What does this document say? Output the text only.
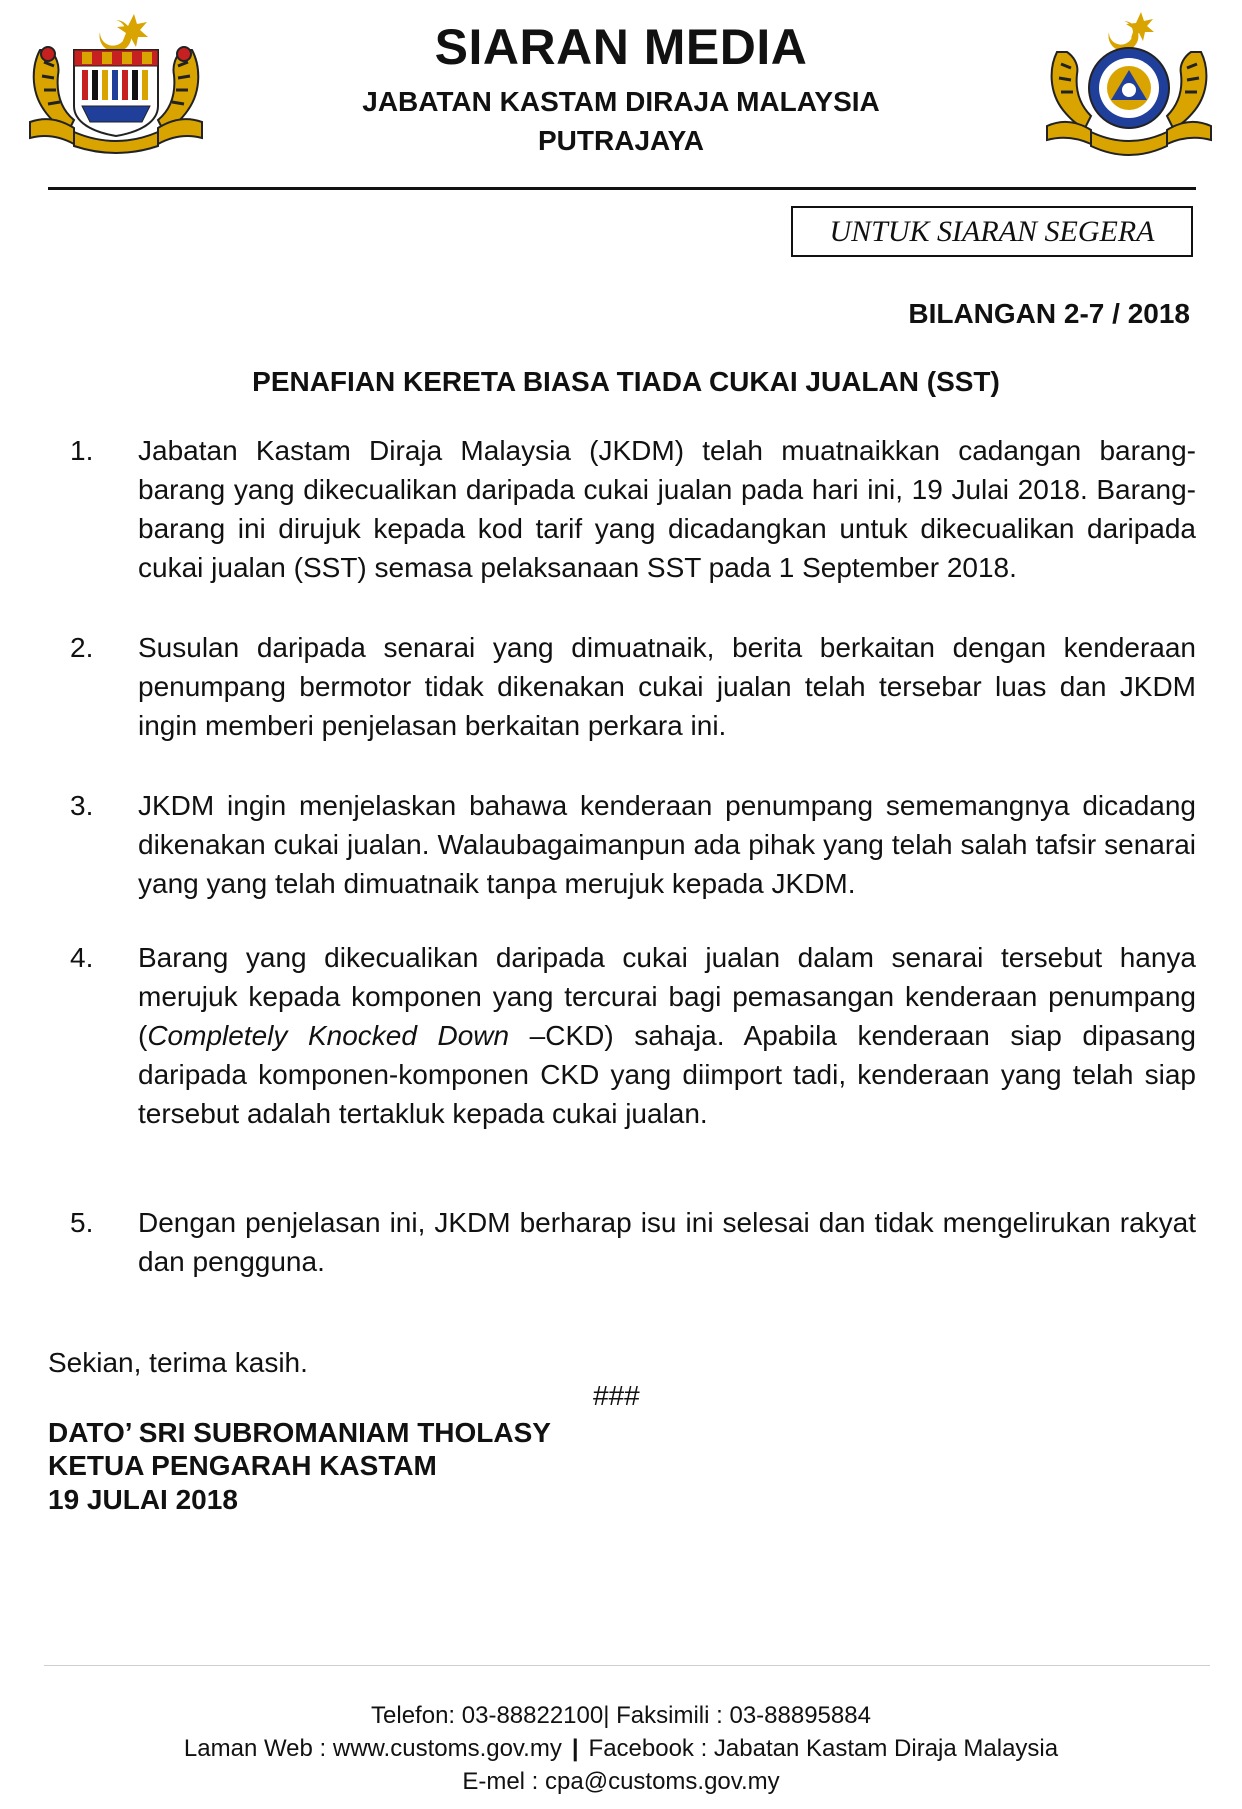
SIARAN MEDIA
JABATAN KASTAM DIRAJA MALAYSIA
PUTRAJAYA
UNTUK SIARAN SEGERA
BILANGAN 2-7 / 2018
PENAFIAN KERETA BIASA TIADA CUKAI JUALAN (SST)
1. Jabatan Kastam Diraja Malaysia (JKDM) telah muatnaikkan cadangan barang-barang yang dikecualikan daripada cukai jualan pada hari ini, 19 Julai 2018. Barang-barang ini dirujuk kepada kod tarif yang dicadangkan untuk dikecualikan daripada cukai jualan (SST) semasa pelaksanaan SST pada 1 September 2018.

2. Susulan daripada senarai yang dimuatnaik, berita berkaitan dengan kenderaan penumpang bermotor tidak dikenakan cukai jualan telah tersebar luas dan JKDM ingin memberi penjelasan berkaitan perkara ini.

3. JKDM ingin menjelaskan bahawa kenderaan penumpang sememangnya dicadang dikenakan cukai jualan. Walaubagaimanpun ada pihak yang telah salah tafsir senarai yang yang telah dimuatnaik tanpa merujuk kepada JKDM.

4. Barang yang dikecualikan daripada cukai jualan dalam senarai tersebut hanya merujuk kepada komponen yang tercurai bagi pemasangan kenderaan penumpang (Completely Knocked Down –CKD) sahaja. Apabila kenderaan siap dipasang daripada komponen-komponen CKD yang diimport tadi, kenderaan yang telah siap tersebut adalah tertakluk kepada cukai jualan.

5. Dengan penjelasan ini, JKDM berharap isu ini selesai dan tidak mengelirukan rakyat dan pengguna.

Sekian, terima kasih.
###
DATO’ SRI SUBROMANIAM THOLASY
KETUA PENGARAH KASTAM
19 JULAI 2018
Telefon: 03-88822100| Faksimili : 03-88895884
Laman Web : www.customs.gov.my | Facebook : Jabatan Kastam Diraja Malaysia
E-mel : cpa@customs.gov.my
